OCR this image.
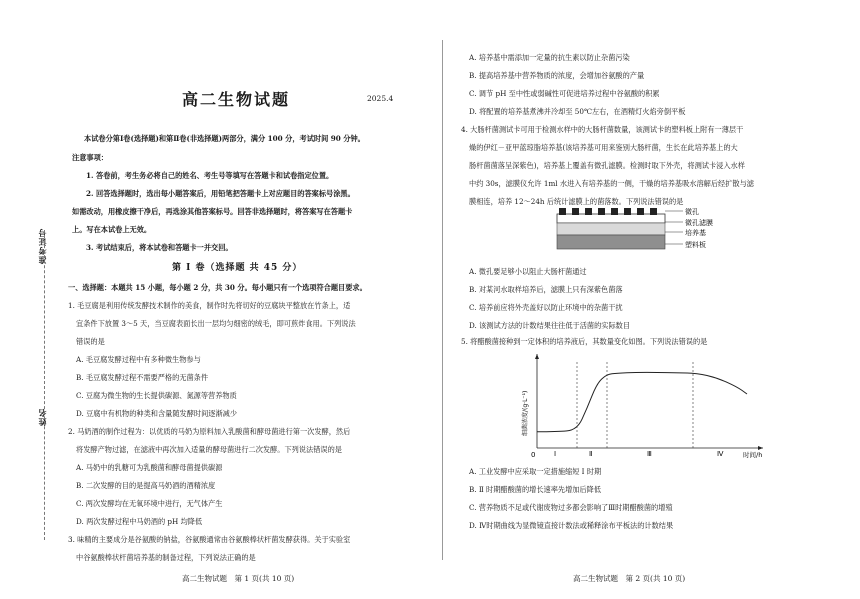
准考证号
姓名
高二生物试题	2025.4
本试卷分第Ⅰ卷(选择题)和第Ⅱ卷(非选择题)两部分，满分 100 分，考试时间 90 分钟。
注意事项：
1. 答卷前，考生务必将自己的姓名、考生号等填写在答题卡和试卷指定位置。
2. 回答选择题时，选出每小题答案后，用铅笔把答题卡上对应题目的答案标号涂黑。
如需改动，用橡皮擦干净后，再选涂其他答案标号。回答非选择题时，将答案写在答题卡
上。写在本试卷上无效。
3. 考试结束后，将本试卷和答题卡一并交回。
第 Ⅰ 卷（选择题 共 45 分）
一、选择题：本题共 15 小题，每小题 2 分，共 30 分。每小题只有一个选项符合题目要求。
1. 毛豆腐是利用传统发酵技术制作的美食，制作时先将切好的豆腐块平整放在竹条上，适
宜条件下放置 3～5 天，当豆腐表面长出一层均匀细密的绒毛，即可煎炸食用。下列说法
错误的是
A. 毛豆腐发酵过程中有多种微生物参与
B. 毛豆腐发酵过程不需要严格的无菌条件
C. 豆腐为微生物的生长提供碳源、氮源等营养物质
D. 豆腐中有机物的种类和含量随发酵时间逐渐减少
2. 马奶酒的制作过程为：以优质的马奶为原料加入乳酸菌和酵母菌进行第一次发酵，然后
将发酵产物过滤，在滤液中再次加入适量的酵母菌进行二次发酵。下列说法错误的是
A. 马奶中的乳糖可为乳酸菌和酵母菌提供碳源
B. 二次发酵的目的是提高马奶酒的酒精浓度
C. 两次发酵均在无氧环境中进行，无气体产生
D. 两次发酵过程中马奶酒的 pH 均降低
3. 味精的主要成分是谷氨酸的钠盐，谷氨酸通常由谷氨酸棒状杆菌发酵获得。关于实验室
高二生物试题　第 1 页(共 10 页)
中谷氨酸棒状杆菌培养基的制备过程，下列说法正确的是
A. 培养基中需添加一定量的抗生素以防止杂菌污染
B. 提高培养基中营养物质的浓度，会增加谷氨酸的产量
C. 调节 pH 至中性或弱碱性可促进培养过程中谷氨酸的积累
D. 将配置的培养基煮沸并冷却至 50℃左右，在酒精灯火焰旁倒平板
4. 大肠杆菌测试卡可用于检测水样中的大肠杆菌数量，该测试卡的塑料板上附有一薄层干
燥的伊红－亚甲蓝琼脂培养基(该培养基可用来鉴别大肠杆菌，生长在此培养基上的大
肠杆菌菌落呈深紫色)，培养基上覆盖有微孔滤膜。检测时取下外壳，将测试卡浸入水样
中约 30s，滤膜仪允许 1ml 水进入有培养基的一侧，干燥的培养基吸水溶解后经扩散与滤
膜相连，培养 12～24h 后统计滤膜上的菌落数。下列说法错误的是
微孔
微孔滤膜
培养基
塑料板
A. 微孔要足够小以阻止大肠杆菌通过
B. 对某河水取样培养后，滤膜上只有深紫色菌落
C. 培养前应将外壳盖好以防止环境中的杂菌干扰
D. 该测试方法的计数结果往往低于活菌的实际数目
5. 将醋酸菌接种到一定体积的培养液后，其数量变化如图。下列说法错误的是
0	时间/h
细菌浓度/(g·L⁻¹)
Ⅰ	Ⅱ	Ⅲ	Ⅳ
A. 工业发酵中应采取一定措施缩短 Ⅰ 时期
B. Ⅱ 时期醋酸菌的增长速率先增加后降低
C. 营养物质不足或代谢废物过多都会影响了Ⅲ时期醋酸菌的增殖
D. Ⅳ时期曲线为显微镜直接计数法或稀释涂布平板法的计数结果
高二生物试题　第 2 页(共 10 页)
